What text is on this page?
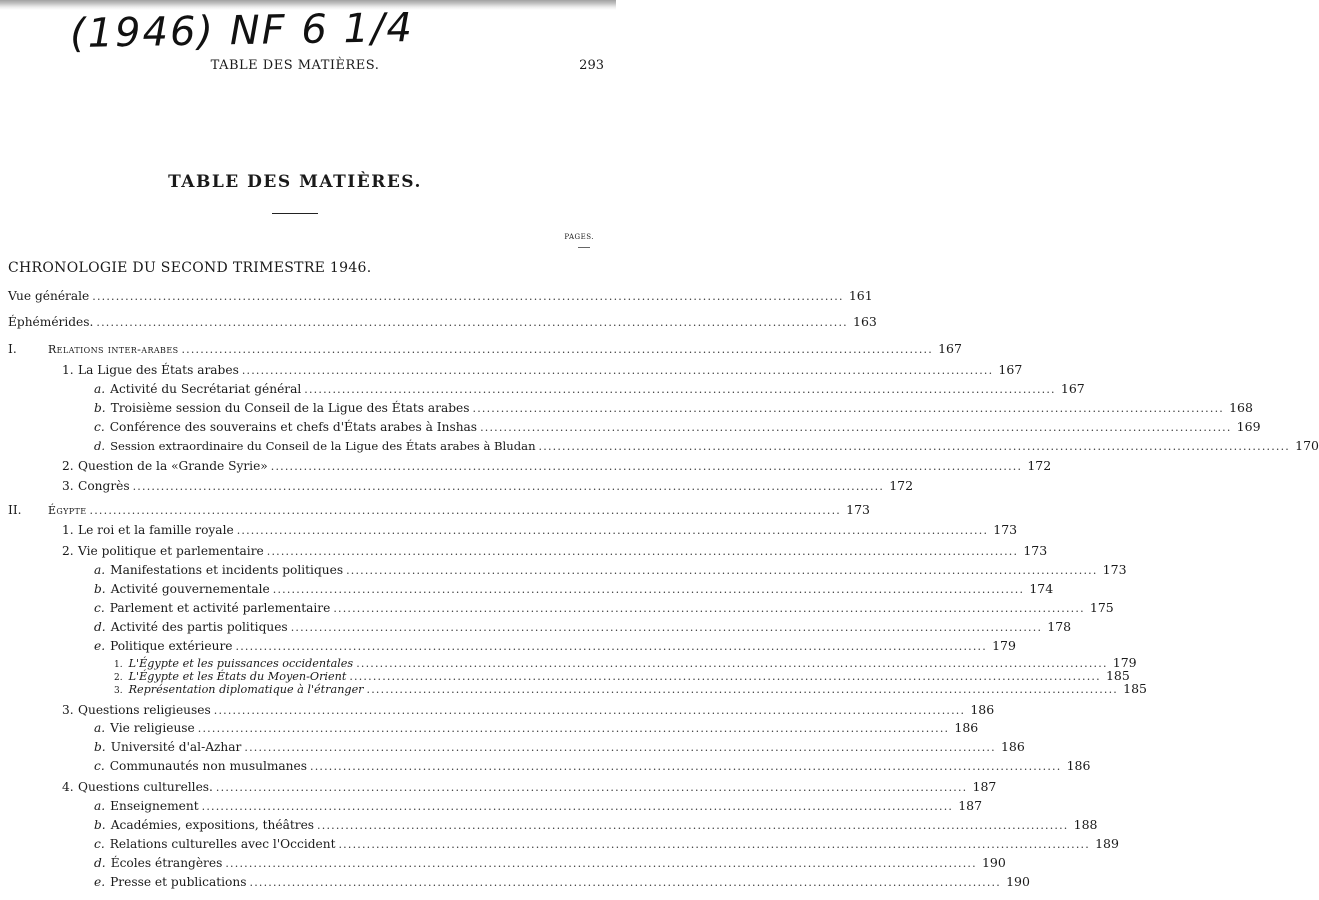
(1946) NF 6 1/4
TABLE DES MATIÈRES.	293
TABLE DES MATIÈRES.
PAGES.
CHRONOLOGIE DU SECOND TRIMESTRE 1946.
Vue générale ................................................................................................................................................................ 161
Éphémérides. ................................................................................................................................................................ 163
I.	Relations inter-arabes ................................................................................................................................................................ 167
1. La Ligue des États arabes ................................................................................................................................................................ 167
a. Activité du Secrétariat général ................................................................................................................................................................ 167
b. Troisième session du Conseil de la Ligue des États arabes ................................................................................................................................................................ 168
c. Conférence des souverains et chefs d'États arabes à Inshas ................................................................................................................................................................ 169
d. Session extraordinaire du Conseil de la Ligue des États arabes à Bludan ................................................................................................................................................................ 170
2. Question de la «Grande Syrie» ................................................................................................................................................................ 172
3. Congrès ................................................................................................................................................................ 172
II. Égypte ................................................................................................................................................................ 173
1. Le roi et la famille royale ................................................................................................................................................................ 173
2. Vie politique et parlementaire ................................................................................................................................................................ 173
a. Manifestations et incidents politiques ................................................................................................................................................................ 173
b. Activité gouvernementale ................................................................................................................................................................ 174
c. Parlement et activité parlementaire ................................................................................................................................................................ 175
d. Activité des partis politiques ................................................................................................................................................................ 178
e. Politique extérieure ................................................................................................................................................................ 179
1. L'Égypte et les puissances occidentales ................................................................................................................................................................ 179
2. L'Égypte et les États du Moyen-Orient ................................................................................................................................................................ 185
3. Représentation diplomatique à l'étranger ................................................................................................................................................................ 185
3. Questions religieuses ................................................................................................................................................................ 186
a. Vie religieuse ................................................................................................................................................................ 186
b. Université d'al-Azhar ................................................................................................................................................................ 186
c. Communautés non musulmanes ................................................................................................................................................................ 186
4. Questions culturelles. ................................................................................................................................................................ 187
a. Enseignement ................................................................................................................................................................ 187
b. Académies, expositions, théâtres ................................................................................................................................................................ 188
c. Relations culturelles avec l'Occident ................................................................................................................................................................ 189
d. Écoles étrangères ................................................................................................................................................................ 190
e. Presse et publications ................................................................................................................................................................ 190
